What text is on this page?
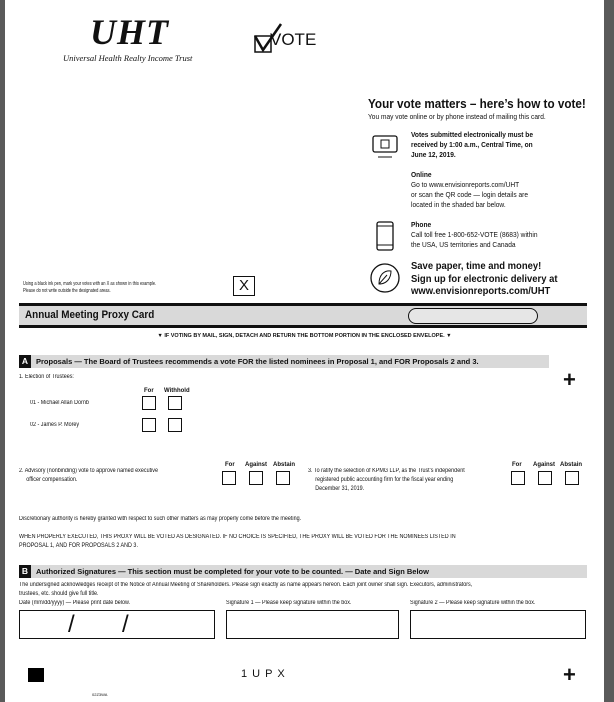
UHT
Universal Health Realty Income Trust
VOTE
Your vote matters – here’s how to vote!
You may vote online or by phone instead of mailing this card.
Votes submitted electronically must be
received by 1:00 a.m., Central Time, on
June 12, 2019.
Online
Go to www.envisionreports.com/UHT
or scan the QR code — login details are
located in the shaded bar below.
Phone
Call toll free 1-800-652-VOTE (8683) within
the USA, US territories and Canada
Save paper, time and money!
Sign up for electronic delivery at
www.envisionreports.com/UHT
Using a black ink pen, mark your votes with an X as shown in this example.
Please do not write outside the designated areas.	X
Annual Meeting Proxy Card
▼ IF VOTING BY MAIL, SIGN, DETACH AND RETURN THE BOTTOM PORTION IN THE ENCLOSED ENVELOPE. ▼
A Proposals — The Board of Trustees recommends a vote FOR the listed nominees in Proposal 1, and FOR Proposals 2 and 3.
1. Election of Trustees:	+
For Withhold
01 - Michael Allan Dornb
02 - James P. Morey
2. Advisory (nonbinding) vote to approve named executive
officer compensation.
For Against Abstain
3. To ratify the selection of KPMG LLP, as the Trust’s independent
registered public accounting firm for the fiscal year ending
December 31, 2019.
For Against Abstain
Discretionary authority is hereby granted with respect to such other matters as may properly come before the meeting.
WHEN PROPERLY EXECUTED, THIS PROXY WILL BE VOTED AS DESIGNATED. IF NO CHOICE IS SPECIFIED, THE PROXY WILL BE VOTED FOR THE NOMINEES LISTED IN
PROPOSAL 1, AND FOR PROPOSALS 2 AND 3.
B Authorized Signatures — This section must be completed for your vote to be counted. — Date and Sign Below
The undersigned acknowledges receipt of the Notice of Annual Meeting of Shareholders. Please sign exactly as name appears hereon. Each joint owner shall sign. Executors, administrators,
trustees, etc. should give full title.
Date (mm/dd/yyyy) — Please print date below.	Signature 1 — Please keep signature within the box.	Signature 2 — Please keep signature within the box.
/ /
1 U P X	+
02Z3WA
